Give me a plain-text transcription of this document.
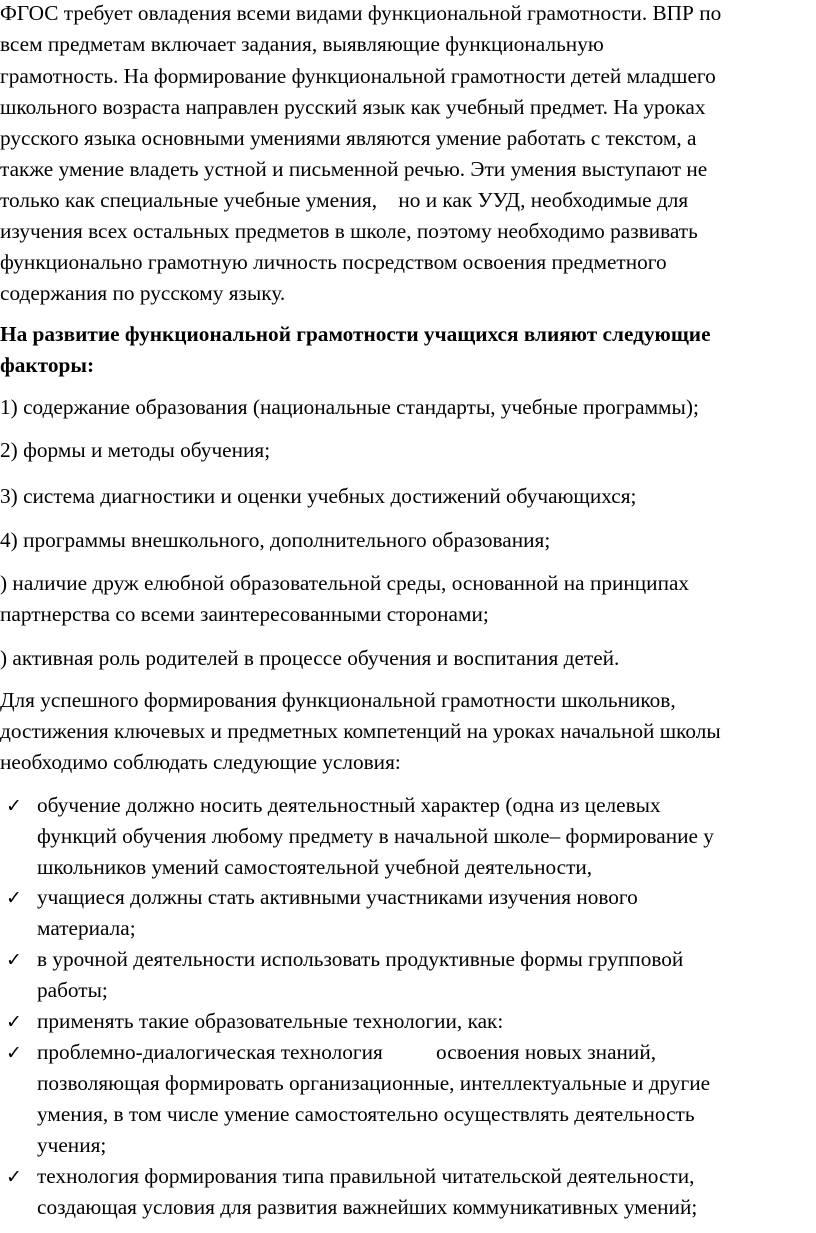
ФГОС требует овладения всеми видами функциональной грамотности. ВПР по
всем предметам включает задания, выявляющие функциональную
грамотность. На формирование функциональной грамотности детей младшего
школьного возраста направлен русский язык как учебный предмет. На уроках
русского языка основными умениями являются умение работать с текстом, а
также умение владеть устной и письменной речью. Эти умения выступают не
только как специальные учебные умения,    но и как УУД, необходимые для
изучения всех остальных предметов в школе, поэтому необходимо развивать
функционально грамотную личность посредством освоения предметного
содержания по русскому языку.
На развитие функциональной грамотности учащихся влияют следующие
факторы:
1) содержание образования (национальные стандарты, учебные программы);
2) формы и методы обучения;
3) система диагностики и оценки учебных достижений обучающихся;
4) программы внешкольного, дополнительного образования;
) наличие друж елюбной образовательной среды, основанной на принципах
партнерства со всеми заинтересованными сторонами;
) активная роль родителей в процессе обучения и воспитания детей.
Для успешного формирования функциональной грамотности школьников,
достижения ключевых и предметных компетенций на уроках начальной школы
необходимо соблюдать следующие условия:
✓ обучение должно носить деятельностный характер (одна из целевых
функций обучения любому предмету в начальной школе– формирование у
школьников умений самостоятельной учебной деятельности,
✓ учащиеся должны стать активными участниками изучения нового
материала;
✓ в урочной деятельности использовать продуктивные формы групповой
работы;
✓ применять такие образовательные технологии, как:
✓ проблемно-диалогическая технология          освоения новых знаний,
позволяющая формировать организационные, интеллектуальные и другие
умения, в том числе умение самостоятельно осуществлять деятельность
учения;
✓ технология формирования типа правильной читательской деятельности,
создающая условия для развития важнейших коммуникативных умений;
